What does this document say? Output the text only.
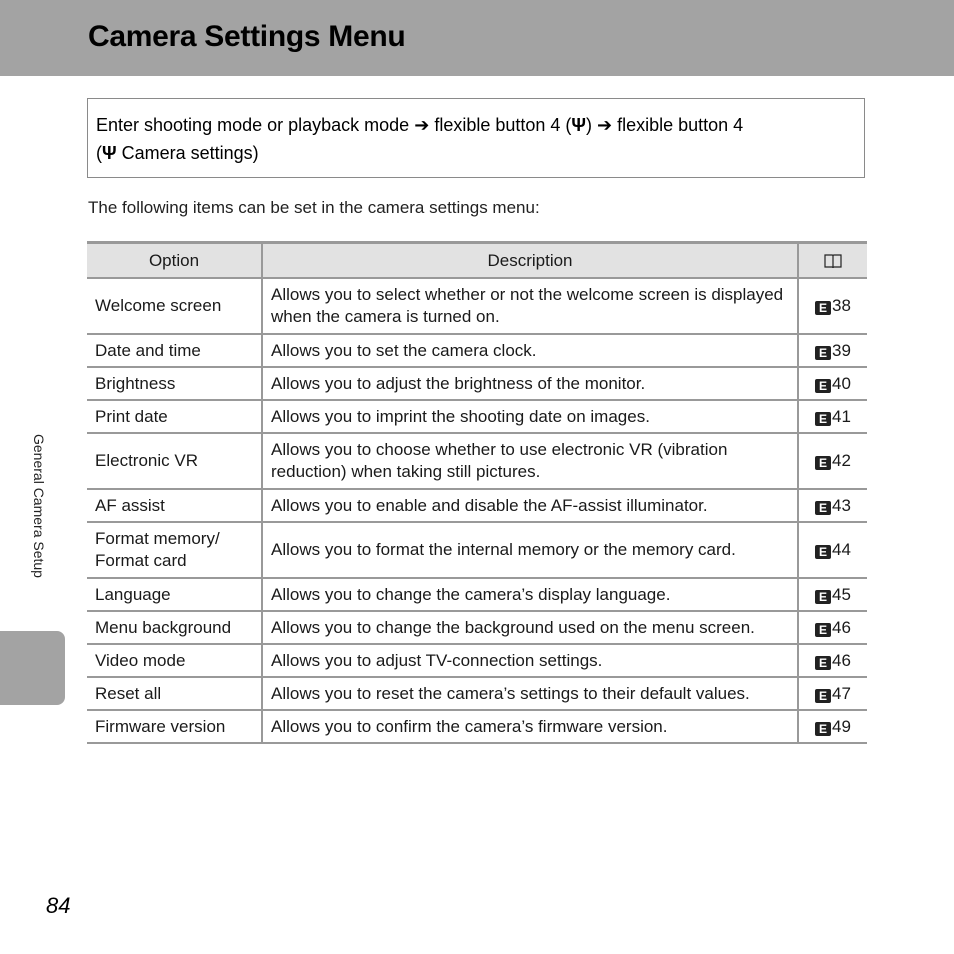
Camera Settings Menu
Enter shooting mode or playback mode ➔ flexible button 4 (Ψ) ➔ flexible button 4
(Ψ Camera settings)
The following items can be set in the camera settings menu:
Option	Description	
Welcome screen	Allows you to select whether or not the welcome screen is displayed when the camera is turned on.	E 38
Date and time	Allows you to set the camera clock.	E 39
Brightness	Allows you to adjust the brightness of the monitor.	E 40
Print date	Allows you to imprint the shooting date on images.	E 41
Electronic VR	Allows you to choose whether to use electronic VR (vibration reduction) when taking still pictures.	E 42
AF assist	Allows you to enable and disable the AF-assist illuminator.	E 43
Format memory/ Format card	Allows you to format the internal memory or the memory card.	E 44
Language	Allows you to change the camera’s display language.	E 45
Menu background	Allows you to change the background used on the menu screen.	E 46
Video mode	Allows you to adjust TV-connection settings.	E 46
Reset all	Allows you to reset the camera’s settings to their default values.	E 47
Firmware version	Allows you to confirm the camera’s firmware version.	E 49
General Camera Setup
84
